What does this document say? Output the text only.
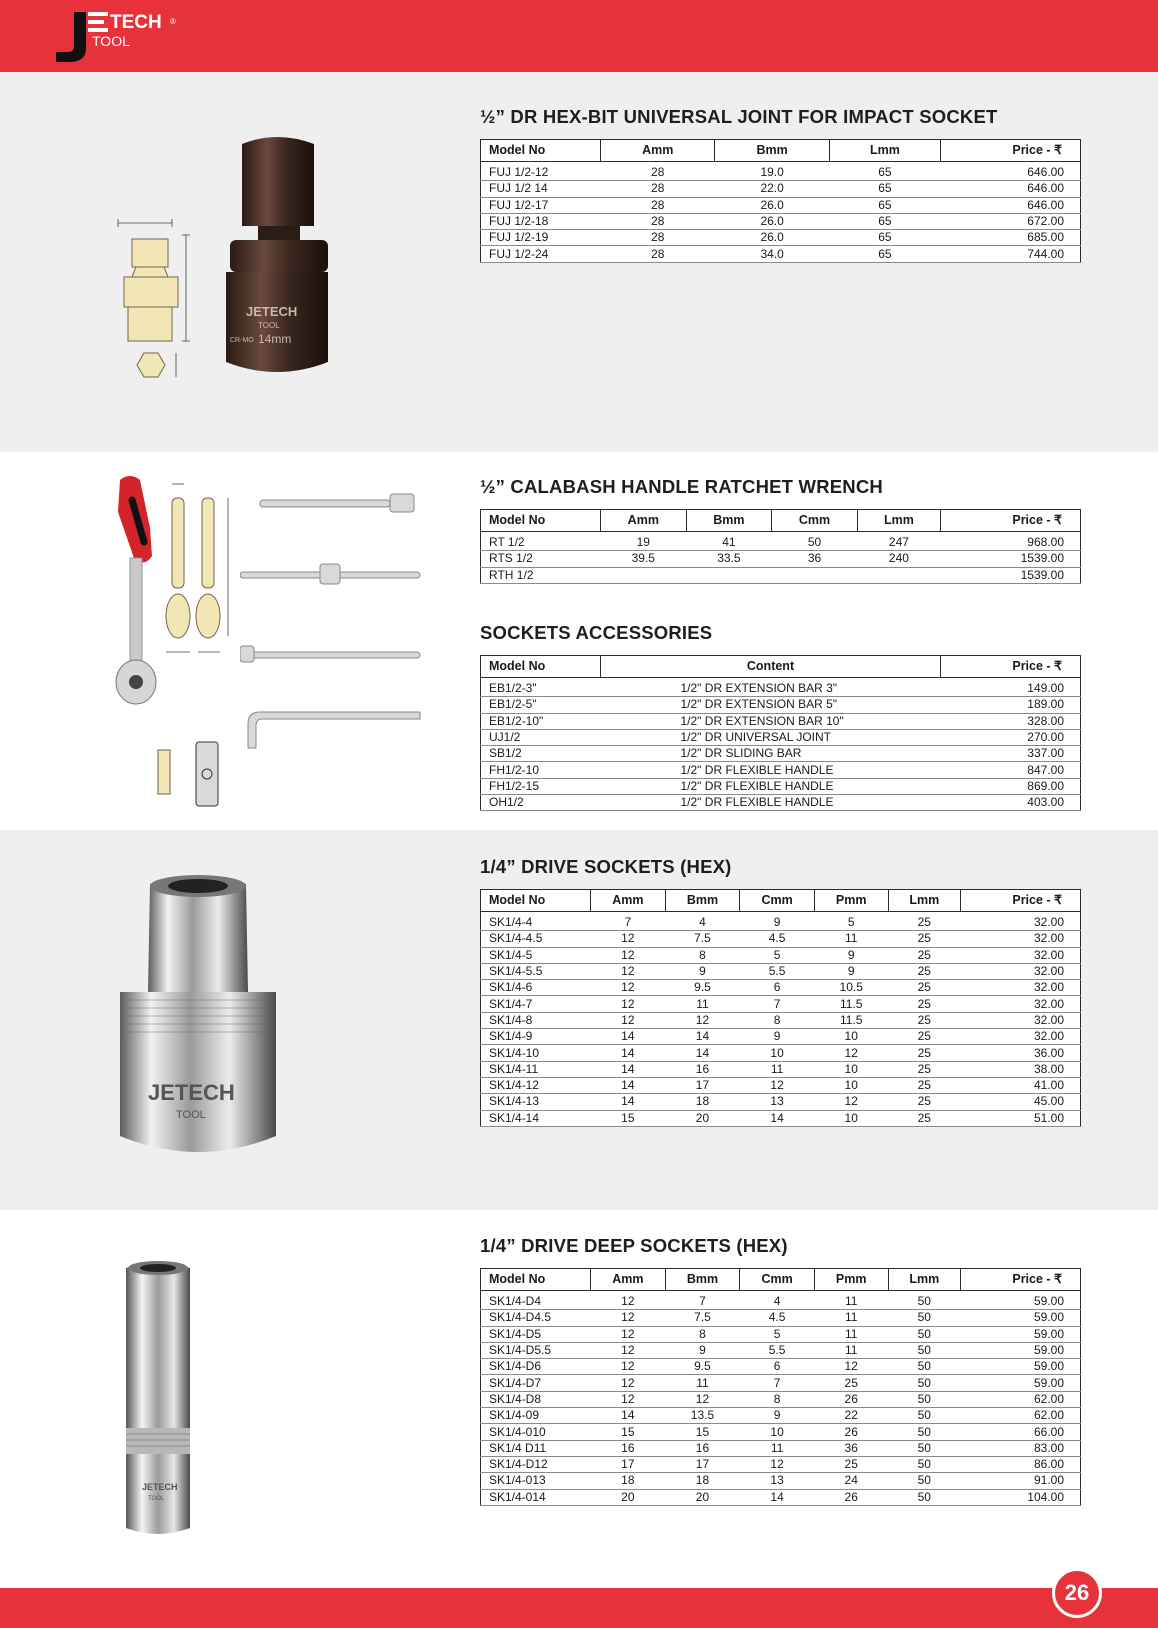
TECH ®
TOOL
26
JETECH
TOOL
CR-MO 14mm
½” DR HEX-BIT UNIVERSAL JOINT FOR IMPACT SOCKET
Model No	Amm	Bmm	Lmm	Price - ₹

FUJ 1/2-12	28	19.0	65	646.00
FUJ 1/2 14	28	22.0	65	646.00
FUJ 1/2-17	28	26.0	65	646.00
FUJ 1/2-18	28	26.0	65	672.00
FUJ 1/2-19	28	26.0	65	685.00
FUJ 1/2-24	28	34.0	65	744.00
½” CALABASH HANDLE RATCHET WRENCH
Model No	Amm	Bmm	Cmm	Lmm	Price - ₹

RT 1/2	19	41	50	247	968.00
RTS 1/2	39.5	33.5	36	240	1539.00
RTH 1/2					1539.00
SOCKETS ACCESSORIES
Model No	Content	Price - ₹

EB1/2-3"	1/2" DR EXTENSION BAR 3"	149.00
EB1/2-5"	1/2" DR EXTENSION BAR 5"	189.00
EB1/2-10"	1/2" DR EXTENSION BAR 10"	328.00
UJ1/2	1/2" DR UNIVERSAL JOINT	270.00
SB1/2	1/2" DR SLIDING BAR	337.00
FH1/2-10	1/2" DR FLEXIBLE HANDLE	847.00
FH1/2-15	1/2" DR FLEXIBLE HANDLE	869.00
OH1/2	1/2" DR FLEXIBLE HANDLE	403.00
JETECH
TOOL
1/4” DRIVE SOCKETS (HEX)
Model No	Amm	Bmm	Cmm	Pmm	Lmm	Price - ₹

SK1/4-4	7	4	9	5	25	32.00
SK1/4-4.5	12	7.5	4.5	11	25	32.00
SK1/4-5	12	8	5	9	25	32.00
SK1/4-5.5	12	9	5.5	9	25	32.00
SK1/4-6	12	9.5	6	10.5	25	32.00
SK1/4-7	12	11	7	11.5	25	32.00
SK1/4-8	12	12	8	11.5	25	32.00
SK1/4-9	14	14	9	10	25	32.00
SK1/4-10	14	14	10	12	25	36.00
SK1/4-11	14	16	11	10	25	38.00
SK1/4-12	14	17	12	10	25	41.00
SK1/4-13	14	18	13	12	25	45.00
SK1/4-14	15	20	14	10	25	51.00
JETECH
TOOL
1/4” DRIVE DEEP SOCKETS (HEX)
Model No	Amm	Bmm	Cmm	Pmm	Lmm	Price - ₹

SK1/4-D4	12	7	4	11	50	59.00
SK1/4-D4.5	12	7.5	4.5	11	50	59.00
SK1/4-D5	12	8	5	11	50	59.00
SK1/4-D5.5	12	9	5.5	11	50	59.00
SK1/4-D6	12	9.5	6	12	50	59.00
SK1/4-D7	12	11	7	25	50	59.00
SK1/4-D8	12	12	8	26	50	62.00
SK1/4-09	14	13.5	9	22	50	62.00
SK1/4-010	15	15	10	26	50	66.00
SK1/4 D11	16	16	11	36	50	83.00
SK1/4-D12	17	17	12	25	50	86.00
SK1/4-013	18	18	13	24	50	91.00
SK1/4-014	20	20	14	26	50	104.00
